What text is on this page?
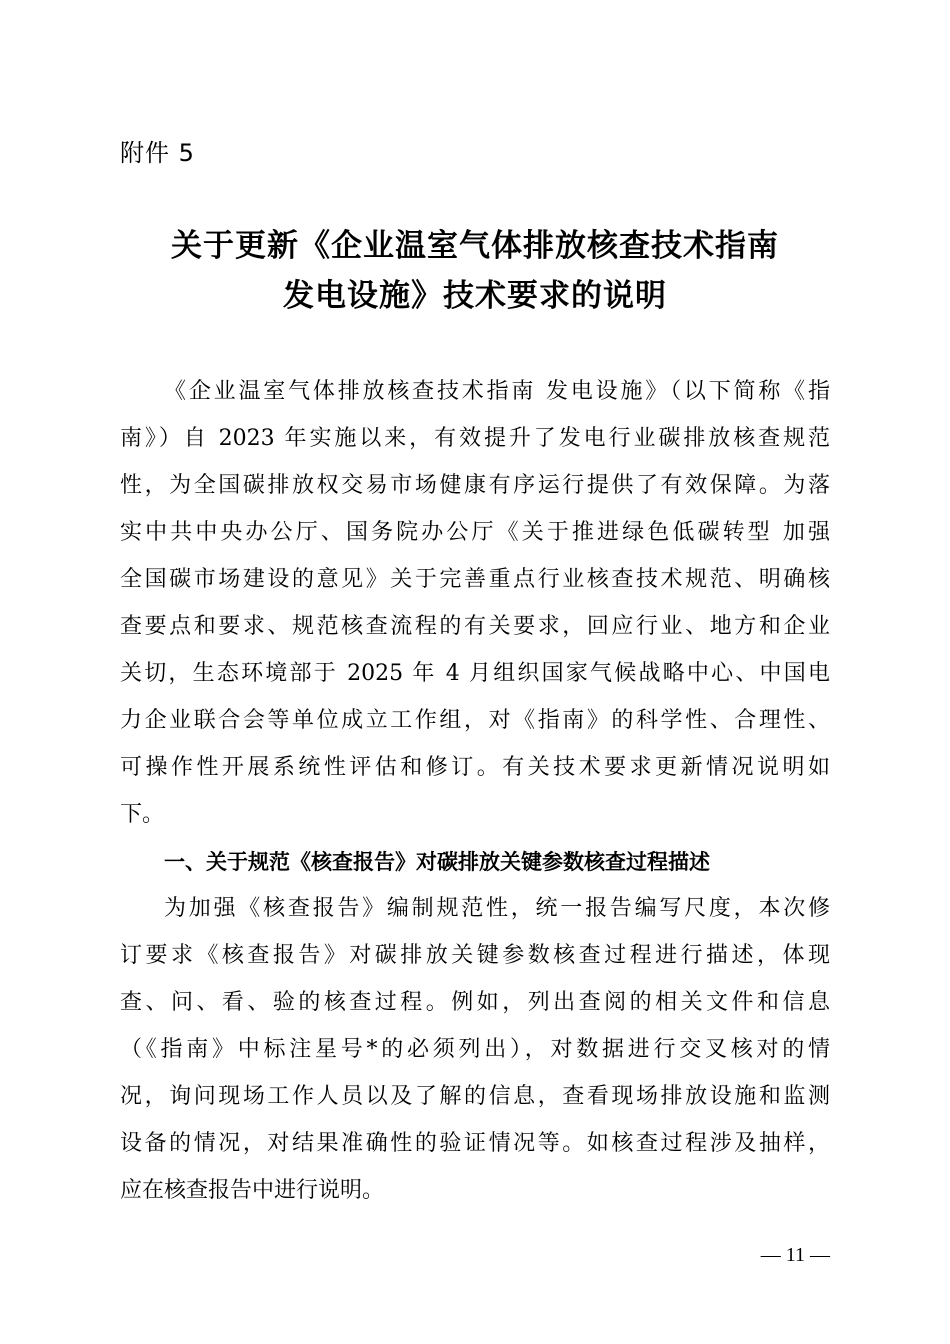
附件 5
关于更新《企业温室气体排放核查技术指南
发电设施》技术要求的说明
《企业温室气体排放核查技术指南 发电设施》（以下简称《指
南》）自 2023 年实施以来，有效提升了发电行业碳排放核查规范
性，为全国碳排放权交易市场健康有序运行提供了有效保障。为落
实中共中央办公厅、国务院办公厅《关于推进绿色低碳转型 加强
全国碳市场建设的意见》关于完善重点行业核查技术规范、明确核
查要点和要求、规范核查流程的有关要求，回应行业、地方和企业
关切，生态环境部于 2025 年 4 月组织国家气候战略中心、中国电
力企业联合会等单位成立工作组，对《指南》的科学性、合理性、
可操作性开展系统性评估和修订。有关技术要求更新情况说明如
下。
一、关于规范《核查报告》对碳排放关键参数核查过程描述
为加强《核查报告》编制规范性，统一报告编写尺度，本次修
订要求《核查报告》对碳排放关键参数核查过程进行描述，体现
查、问、看、验的核查过程。例如，列出查阅的相关文件和信息
（《指南》中标注星号*的必须列出），对数据进行交叉核对的情
况，询问现场工作人员以及了解的信息，查看现场排放设施和监测
设备的情况，对结果准确性的验证情况等。如核查过程涉及抽样，
应在核查报告中进行说明。
— 11 —
